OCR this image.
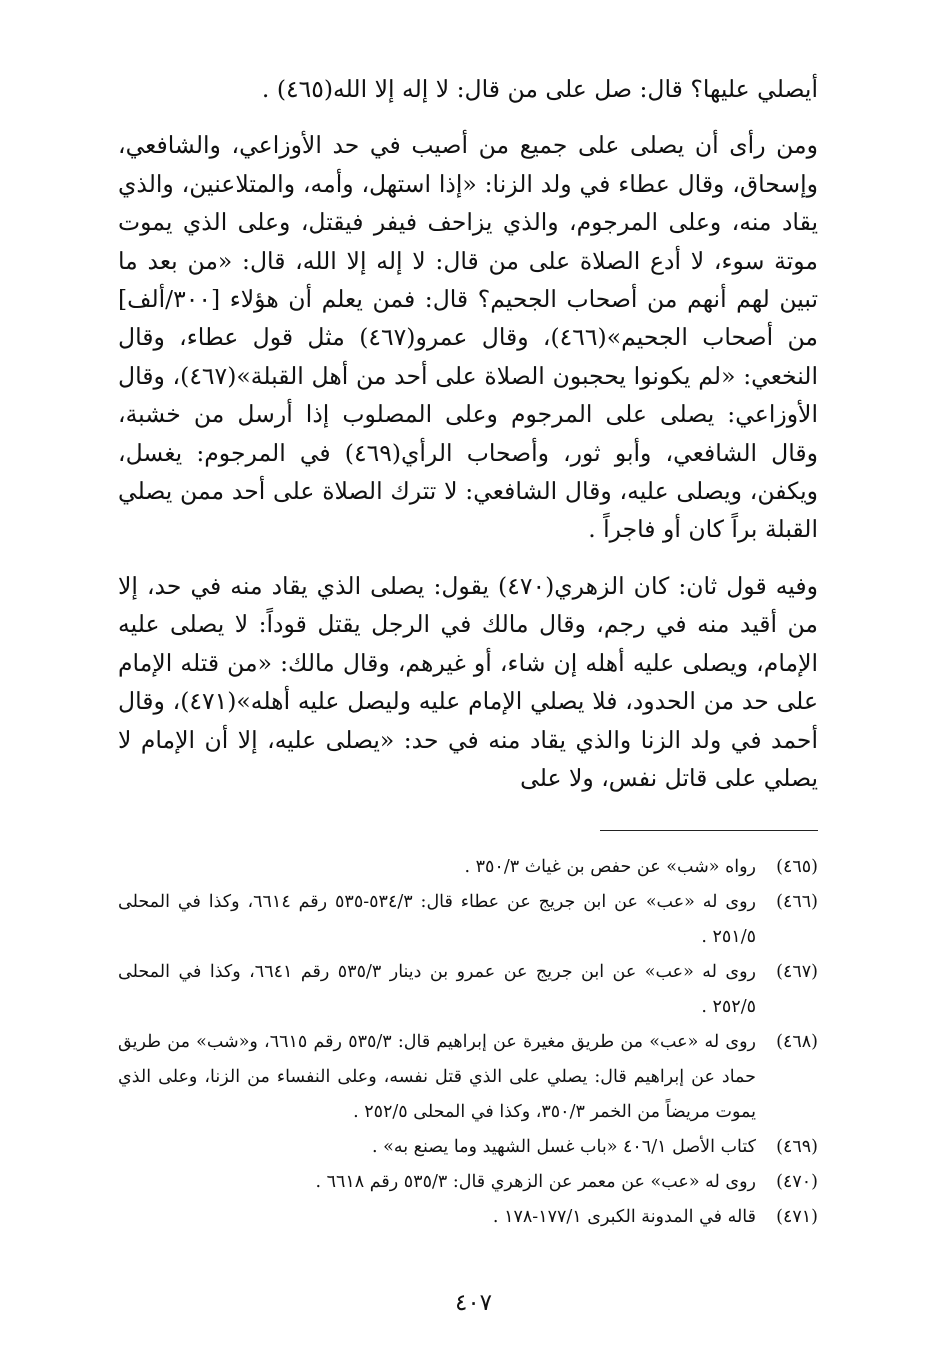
أيصلي عليها؟ قال: صل على من قال: لا إله إلا الله(٤٦٥) .

ومن رأى أن يصلى على جميع من أصيب في حد الأوزاعي، والشافعي، وإسحاق، وقال عطاء في ولد الزنا: «إذا استهل، وأمه، والمتلاعنين، والذي يقاد منه، وعلى المرجوم، والذي يزاحف فيفر فيقتل، وعلى الذي يموت موتة سوء، لا أدع الصلاة على من قال: لا إله إلا الله، قال: «من بعد ما تبين لهم أنهم من أصحاب الجحيم؟ قال: فمن يعلم أن هؤلاء [٣٠٠/ألف] من أصحاب الجحيم»(٤٦٦)، وقال عمرو(٤٦٧) مثل قول عطاء، وقال النخعي: «لم يكونوا يحجبون الصلاة على أحد من أهل القبلة»(٤٦٧)، وقال الأوزاعي: يصلى على المرجوم وعلى المصلوب إذا أرسل من خشبة، وقال الشافعي، وأبو ثور، وأصحاب الرأي(٤٦٩) في المرجوم: يغسل، ويكفن، ويصلى عليه، وقال الشافعي: لا تترك الصلاة على أحد ممن يصلي القبلة براً كان أو فاجراً .

وفيه قول ثان: كان الزهري(٤٧٠) يقول: يصلى الذي يقاد منه في حد، إلا من أقيد منه في رجم، وقال مالك في الرجل يقتل قوداً: لا يصلى عليه الإمام، ويصلى عليه أهله إن شاء، أو غيرهم، وقال مالك: «من قتله الإمام على حد من الحدود، فلا يصلي الإمام عليه وليصل عليه أهله»(٤٧١)، وقال أحمد في ولد الزنا والذي يقاد منه في حد: «يصلى عليه، إلا أن الإمام لا يصلي على قاتل نفس، ولا على

(٤٦٥)
رواه «شب» عن حفص بن غياث ٣٥٠/٣ .
(٤٦٦)
روى له «عب» عن ابن جريج عن عطاء قال: ٥٣٤/٣-٥٣٥ رقم ٦٦١٤، وكذا في المحلى ٢٥١/٥ .
(٤٦٧)
روى له «عب» عن ابن جريج عن عمرو بن دينار ٥٣٥/٣ رقم ٦٦٤١، وكذا في المحلى ٢٥٢/٥ .
(٤٦٨)
روى له «عب» من طريق مغيرة عن إبراهيم قال: ٥٣٥/٣ رقم ٦٦١٥، و«شب» من طريق حماد عن إبراهيم قال: يصلي على الذي قتل نفسه، وعلى النفساء من الزنا، وعلى الذي يموت مريضاً من الخمر ٣٥٠/٣، وكذا في المحلى ٢٥٢/٥ .
(٤٦٩)
كتاب الأصل ٤٠٦/١ «باب غسل الشهيد وما يصنع به» .
(٤٧٠)
روى له «عب» عن معمر عن الزهري قال: ٥٣٥/٣ رقم ٦٦١٨ .
(٤٧١)
قاله في المدونة الكبرى ١٧٧/١-١٧٨ .
٤٠٧
